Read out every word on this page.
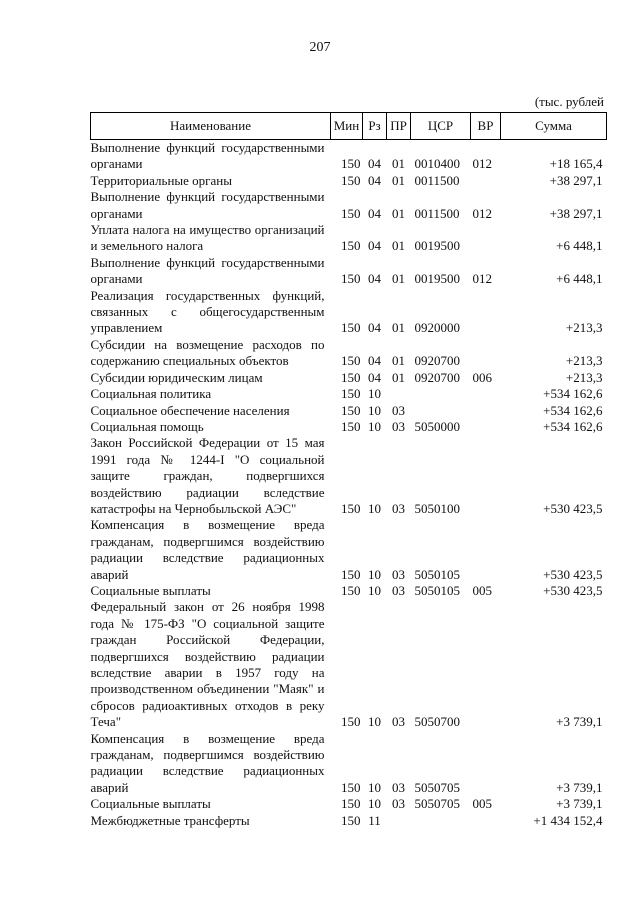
207
(тыс. рублей
Наименование	Мин	Рз	ПР	ЦСР	ВР	Сумма
Выполнение функций государственными органами	150	04	01	0010400	012	+18 165,4
Территориальные органы	150	04	01	0011500		+38 297,1
Выполнение функций государственными органами	150	04	01	0011500	012	+38 297,1
Уплата налога на имущество организаций и земельного налога	150	04	01	0019500		+6 448,1
Выполнение функций государственными органами	150	04	01	0019500	012	+6 448,1
Реализация государственных функций, связанных с общегосударственным управлением	150	04	01	0920000		+213,3
Субсидии на возмещение расходов по содержанию специальных объектов	150	04	01	0920700		+213,3
Субсидии юридическим лицам	150	04	01	0920700	006	+213,3
Социальная политика	150	10				+534 162,6
Социальное обеспечение населения	150	10	03			+534 162,6
Социальная помощь	150	10	03	5050000		+534 162,6
Закон Российской Федерации от 15 мая 1991 года № 1244-I "О социальной защите граждан, подвергшихся воздействию радиации вследствие катастрофы на Чернобыльской АЭС"	150	10	03	5050100		+530 423,5
Компенсация в возмещение вреда гражданам, подвергшимся воздействию радиации вследствие радиационных аварий	150	10	03	5050105		+530 423,5
Социальные выплаты	150	10	03	5050105	005	+530 423,5
Федеральный закон от 26 ноября 1998 года № 175-ФЗ "О социальной защите граждан Российской Федерации, подвергшихся воздействию радиации вследствие аварии в 1957 году на производственном объединении "Маяк" и сбросов радиоактивных отходов в реку Теча"	150	10	03	5050700		+3 739,1
Компенсация в возмещение вреда гражданам, подвергшимся воздействию радиации вследствие радиационных аварий	150	10	03	5050705		+3 739,1
Социальные выплаты	150	10	03	5050705	005	+3 739,1
Межбюджетные трансферты	150	11				+1 434 152,4
